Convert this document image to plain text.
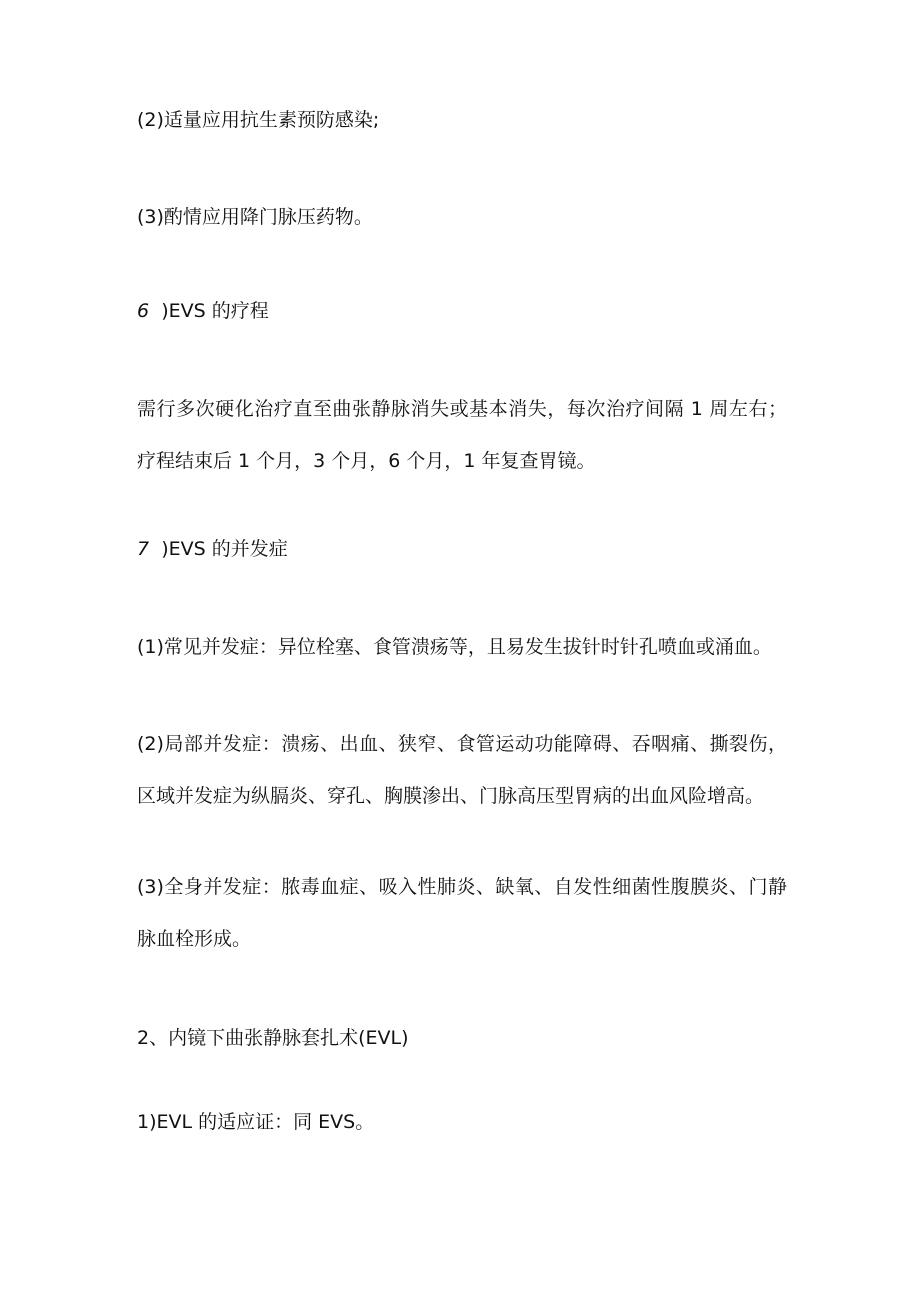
(2)适量应用抗生素预防感染;

(3)酌情应用降门脉压药物。

6 )EVS 的疗程

需行多次硬化治疗直至曲张静脉消失或基本消失，每次治疗间隔 1 周左右；疗程结束后 1 个月，3 个月，6 个月，1 年复查胃镜。

7 )EVS 的并发症

(1)常见并发症：异位栓塞、食管溃疡等，且易发生拔针时针孔喷血或涌血。

(2)局部并发症：溃疡、出血、狭窄、食管运动功能障碍、吞咽痛、撕裂伤，区域并发症为纵膈炎、穿孔、胸膜渗出、门脉高压型胃病的出血风险增高。

(3)全身并发症：脓毒血症、吸入性肺炎、缺氧、自发性细菌性腹膜炎、门静脉血栓形成。

2、内镜下曲张静脉套扎术(EVL)

1)EVL 的适应证：同 EVS。
